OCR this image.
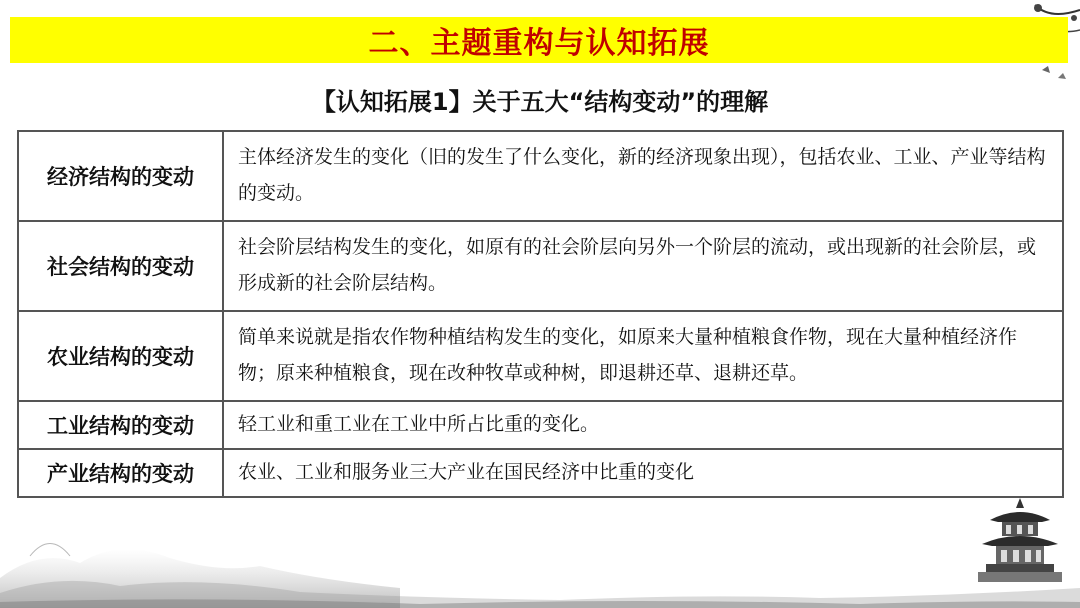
二、主题重构与认知拓展
【认知拓展1】关于五大“结构变动”的理解
经济结构的变动	主体经济发生的变化（旧的发生了什么变化，新的经济现象出现），包括农业、工业、产业等结构的变动。
社会结构的变动	社会阶层结构发生的变化，如原有的社会阶层向另外一个阶层的流动，或出现新的社会阶层，或形成新的社会阶层结构。
农业结构的变动	简单来说就是指农作物种植结构发生的变化，如原来大量种植粮食作物，现在大量种植经济作物；原来种植粮食，现在改种牧草或种树，即退耕还草、退耕还草。
工业结构的变动	轻工业和重工业在工业中所占比重的变化。
产业结构的变动	农业、工业和服务业三大产业在国民经济中比重的变化
